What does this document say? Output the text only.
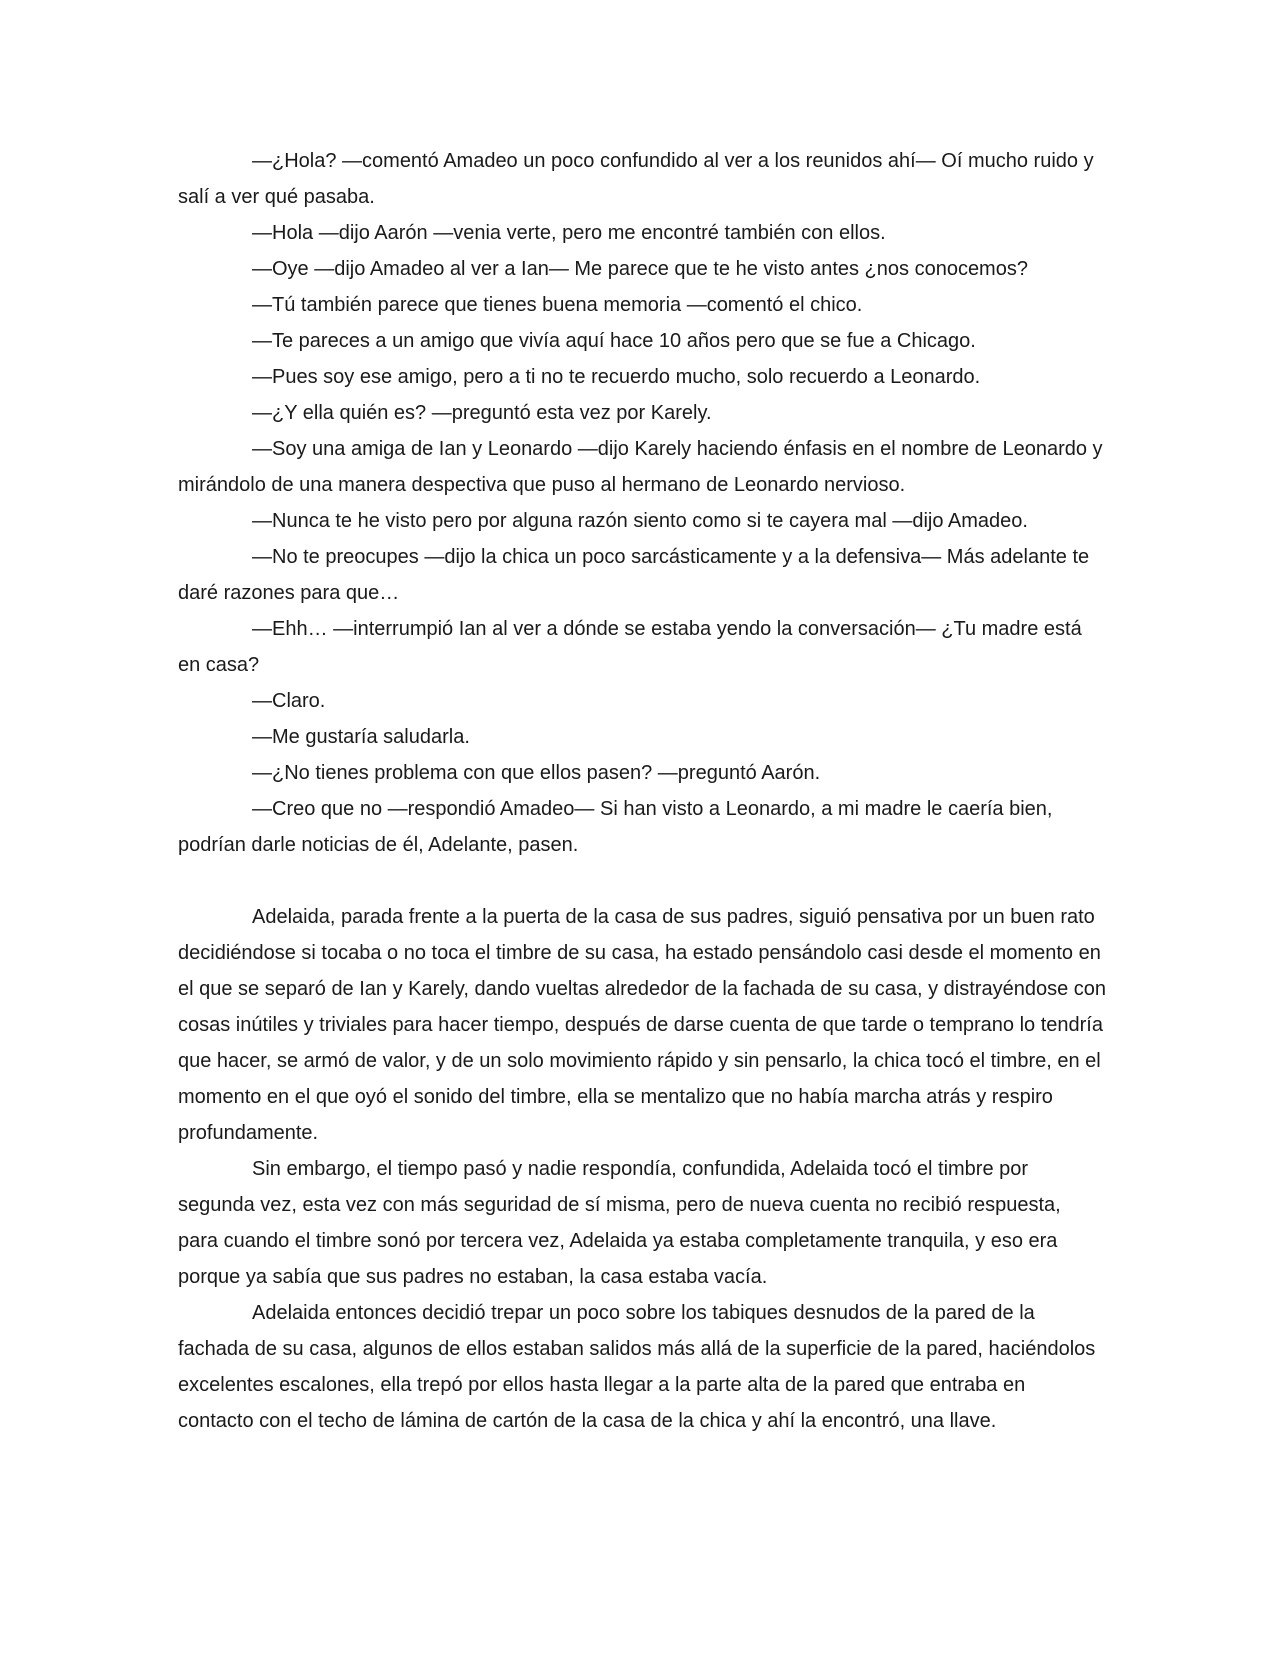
—¿Hola? —comentó Amadeo un poco confundido al ver a los reunidos ahí— Oí mucho ruido y salí a ver qué pasaba.

—Hola —dijo Aarón —venia verte, pero me encontré también con ellos.

—Oye —dijo Amadeo al ver a Ian— Me parece que te he visto antes ¿nos conocemos?

—Tú también parece que tienes buena memoria —comentó el chico.

—Te pareces a un amigo que vivía aquí hace 10 años pero que se fue a Chicago.

—Pues soy ese amigo, pero a ti no te recuerdo mucho, solo recuerdo a Leonardo.

—¿Y ella quién es? —preguntó esta vez por Karely.

—Soy una amiga de Ian y Leonardo —dijo Karely haciendo énfasis en el nombre de Leonardo y mirándolo de una manera despectiva que puso al hermano de Leonardo nervioso.

—Nunca te he visto pero por alguna razón siento como si te cayera mal —dijo Amadeo.

—No te preocupes —dijo la chica un poco sarcásticamente y a la defensiva— Más adelante te daré razones para que…

—Ehh… —interrumpió Ian al ver a dónde se estaba yendo la conversación— ¿Tu madre está en casa?

—Claro.

—Me gustaría saludarla.

—¿No tienes problema con que ellos pasen? —preguntó Aarón.

—Creo que no —respondió Amadeo— Si han visto a Leonardo, a mi madre le caería bien, podrían darle noticias de él, Adelante, pasen.

Adelaida, parada frente a la puerta de la casa de sus padres, siguió pensativa por un buen rato decidiéndose si tocaba o no toca el timbre de su casa, ha estado pensándolo casi desde el momento en el que se separó de Ian y Karely, dando vueltas alrededor de la fachada de su casa, y distrayéndose con cosas inútiles y triviales para hacer tiempo, después de darse cuenta de que tarde o temprano lo tendría que hacer, se armó de valor, y de un solo movimiento rápido y sin pensarlo, la chica tocó el timbre, en el momento en el que oyó el sonido del timbre, ella se mentalizo que no había marcha atrás y respiro profundamente.

Sin embargo, el tiempo pasó y nadie respondía, confundida, Adelaida tocó el timbre por segunda vez, esta vez con más seguridad de sí misma, pero de nueva cuenta no recibió respuesta, para cuando el timbre sonó por tercera vez, Adelaida ya estaba completamente tranquila, y eso era porque ya sabía que sus padres no estaban, la casa estaba vacía.

Adelaida entonces decidió trepar un poco sobre los tabiques desnudos de la pared de la fachada de su casa, algunos de ellos estaban salidos más allá de la superficie de la pared, haciéndolos excelentes escalones, ella trepó por ellos hasta llegar a la parte alta de la pared que entraba en contacto con el techo de lámina de cartón de la casa de la chica y ahí la encontró, una llave.
